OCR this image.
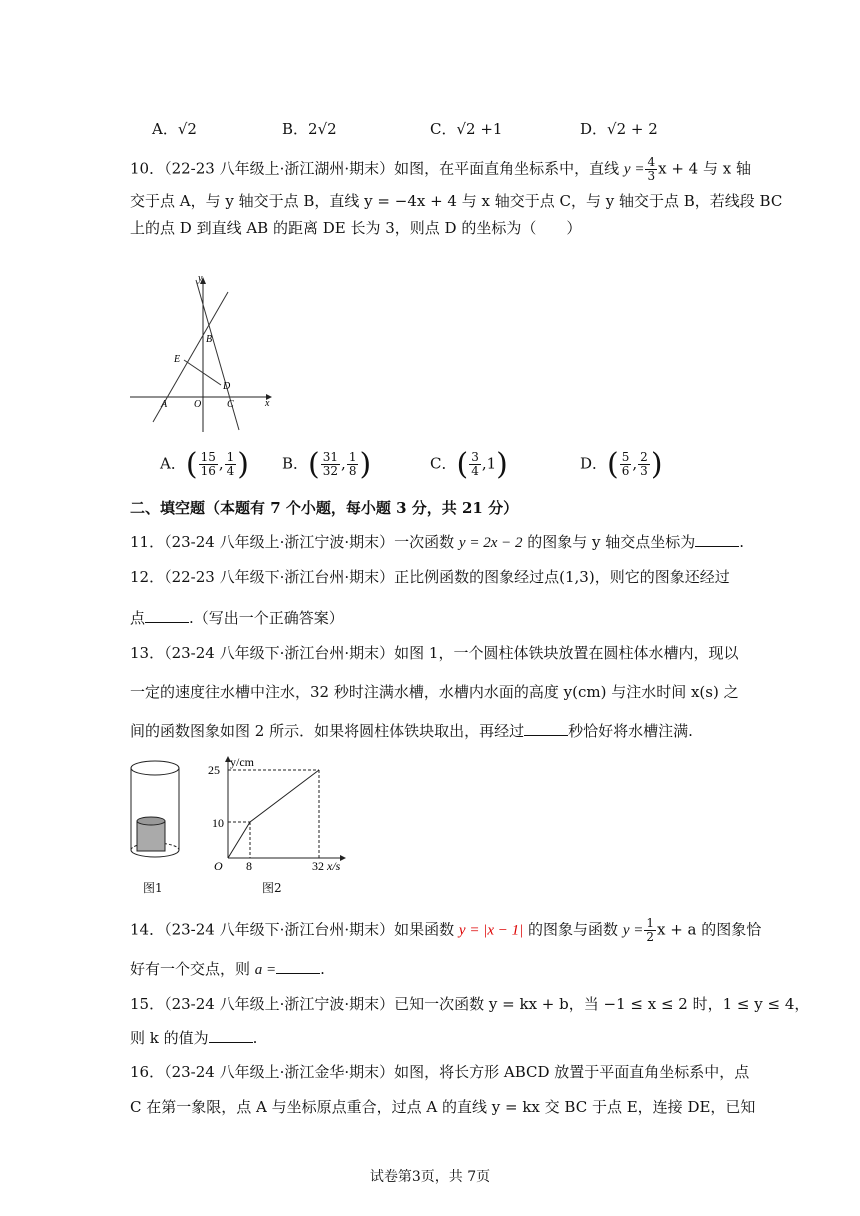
A．√2	B．2√2	C．√2 +1	D．√2 + 2
10．（22-23 八年级上·浙江湖州·期末）如图，在平面直角坐标系中，直线 $y = \frac{4}{3}$ x + 4 与 x 轴
交于点 A，与 y 轴交于点 B，直线 y = −4x + 4 与 x 轴交于点 C，与 y 轴交于点 B，若线段 BC
上的点 D 到直线 AB 的距离 DE 长为 3，则点 D 的坐标为（　　）
y
x
B
E
D
A	O	C
A．( $\frac{15}{16}$ , $\frac{1}{4}$ ) B．( $\frac{31}{32}$ , $\frac{1}{8}$ )	C．( $\frac{3}{4} ,1$)	D．( $\frac{5}{6}$ , $\frac{2}{3}$ )
二、填空题（本题有 7 个小题，每小题 3 分，共 21 分）
11．（23-24 八年级上·浙江宁波·期末）一次函数 y = 2x − 2 的图象与 y 轴交点坐标为	.
12．（22-23 八年级下·浙江台州·期末）正比例函数的图象经过点(1,3)，则它的图象还经过
点	.（写出一个正确答案）
13．（23-24 八年级下·浙江台州·期末）如图 1，一个圆柱体铁块放置在圆柱体水槽内，现以
一定的速度往水槽中注水，32 秒时注满水槽，水槽内水面的高度 y(cm) 与注水时间 x(s) 之
间的函数图象如图 2 所示．如果将圆柱体铁块取出，再经过	秒恰好将水槽注满.
图1
y/cm
25
10
O 8	32 x/s
图2
14．（23-24 八年级下·浙江台州·期末）如果函数 y = |x − 1| 的图象与函数 $y = \frac{1}{2}$ x + a 的图象恰
好有一个交点，则 a =	.
15．（23-24 八年级上·浙江宁波·期末）已知一次函数 y = kx + b，当 −1 ≤ x ≤ 2 时，1 ≤ y ≤ 4，
则 k 的值为	.
16．（23-24 八年级上·浙江金华·期末）如图，将长方形 ABCD 放置于平面直角坐标系中，点
C 在第一象限，点 A 与坐标原点重合，过点 A 的直线 y = kx 交 BC 于点 E，连接 DE，已知
试卷第3页，共 7页
